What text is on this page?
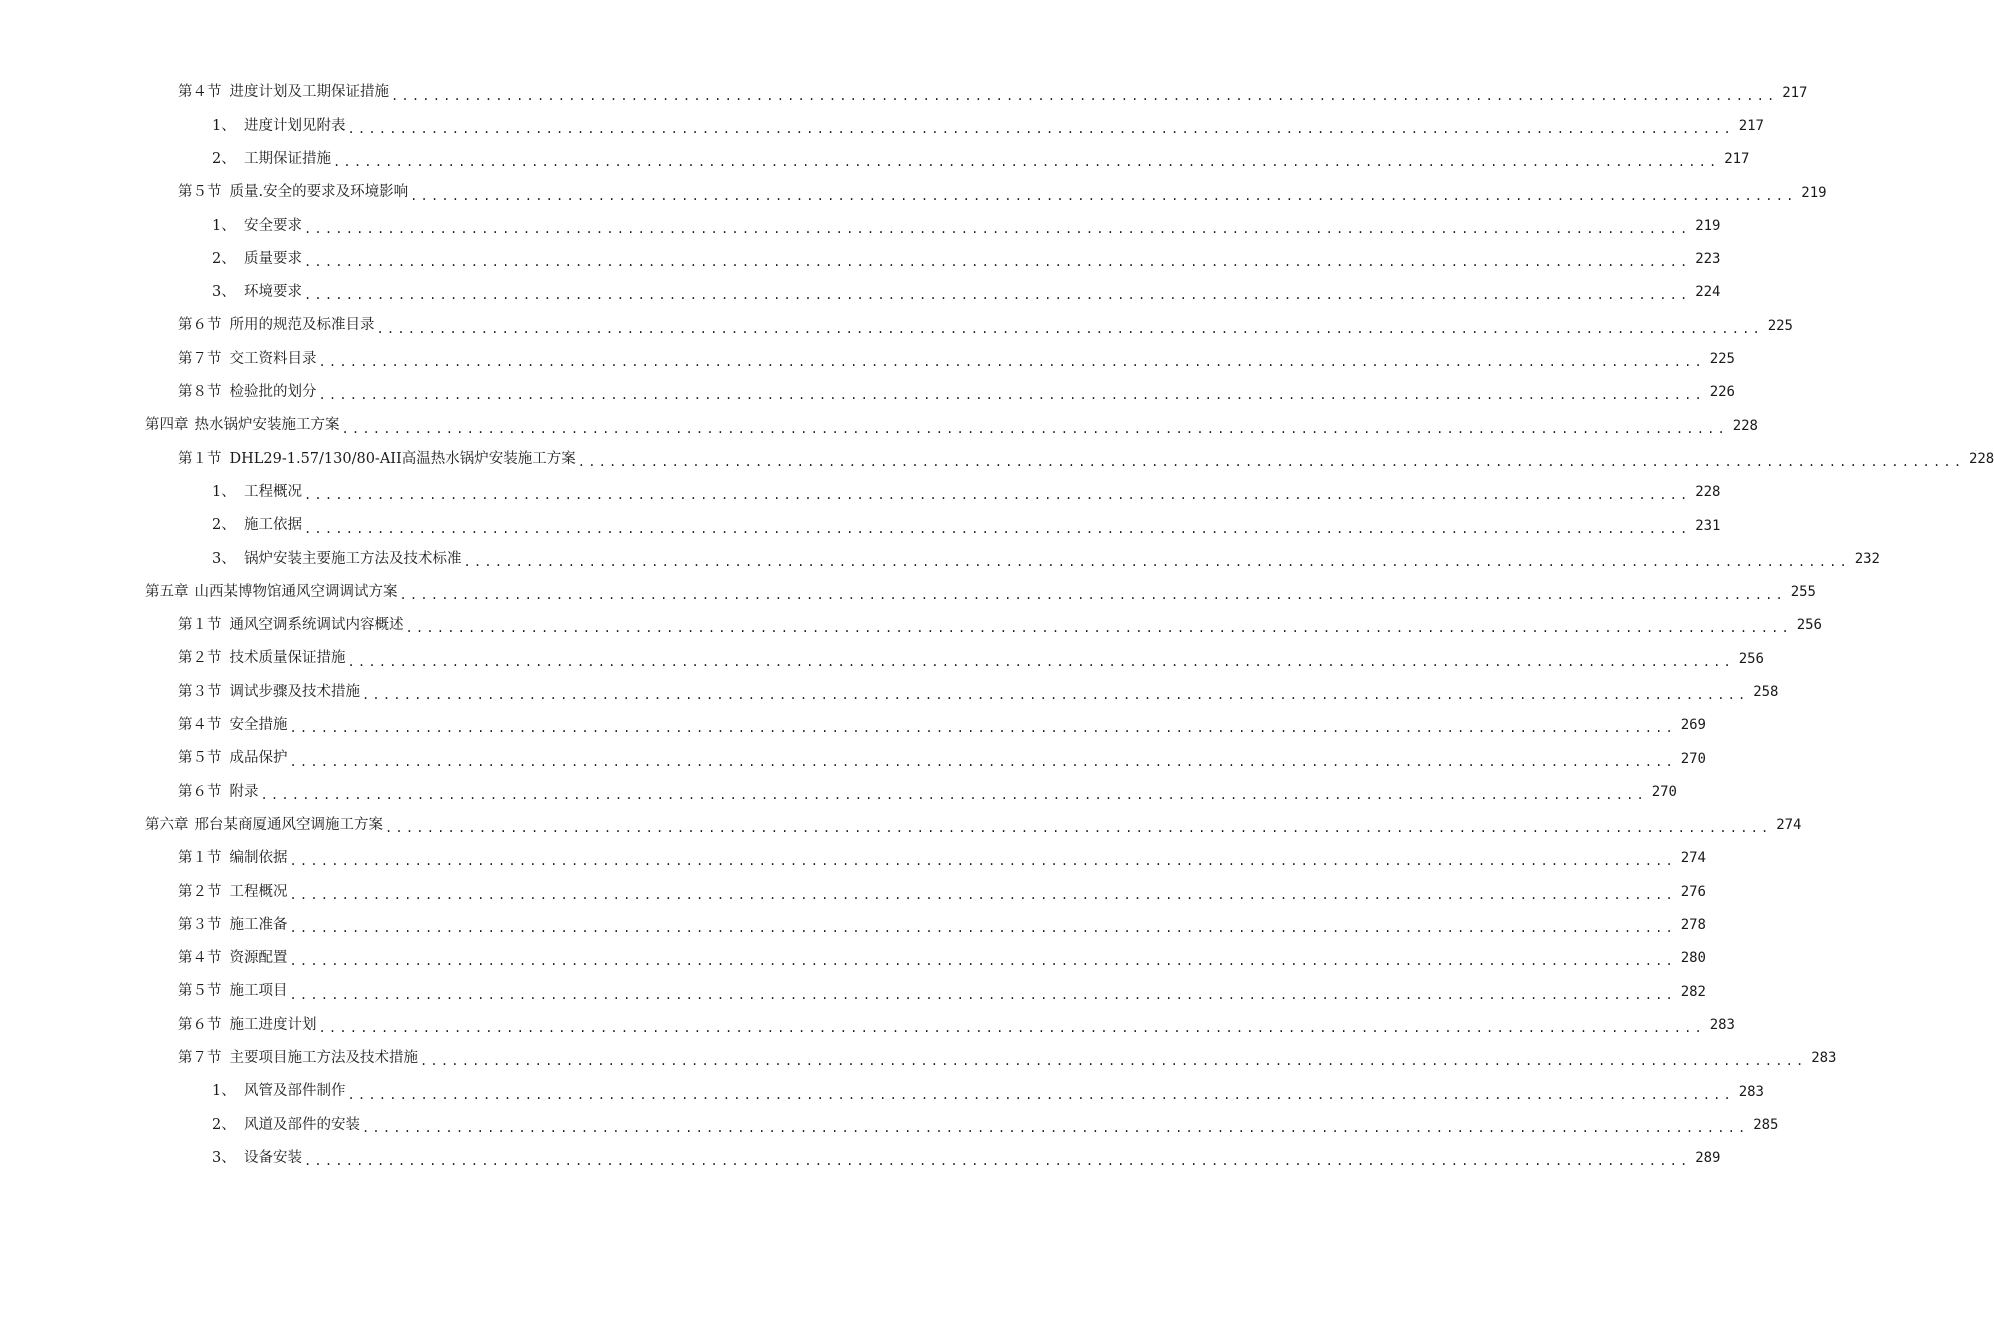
第４节 进度计划及工期保证措施 ..................................................................................................................................... 217
1、 进度计划见附表 ..................................................................................................................................... 217
2、 工期保证措施 ..................................................................................................................................... 217
第５节 质量.安全的要求及环境影响 ..................................................................................................................................... 219
1、 安全要求 ..................................................................................................................................... 219
2、 质量要求 ..................................................................................................................................... 223
3、 环境要求 ..................................................................................................................................... 224
第６节 所用的规范及标准目录 ..................................................................................................................................... 225
第７节 交工资料目录 ..................................................................................................................................... 225
第８节 检验批的划分 ..................................................................................................................................... 226
第四章 热水锅炉安装施工方案 ..................................................................................................................................... 228
第１节 DHL29-1.57/130/80-AII高温热水锅炉安装施工方案 ..................................................................................................................................... 228
1、 工程概况 ..................................................................................................................................... 228
2、 施工依据 ..................................................................................................................................... 231
3、 锅炉安装主要施工方法及技术标准 ..................................................................................................................................... 232
第五章 山西某博物馆通风空调调试方案 ..................................................................................................................................... 255
第１节 通风空调系统调试内容概述 ..................................................................................................................................... 256
第２节 技术质量保证措施 ..................................................................................................................................... 256
第３节 调试步骤及技术措施 ..................................................................................................................................... 258
第４节 安全措施 ..................................................................................................................................... 269
第５节 成品保护 ..................................................................................................................................... 270
第６节 附录 ..................................................................................................................................... 270
第六章 邢台某商厦通风空调施工方案 ..................................................................................................................................... 274
第１节 编制依据 ..................................................................................................................................... 274
第２节 工程概况 ..................................................................................................................................... 276
第３节 施工准备 ..................................................................................................................................... 278
第４节 资源配置 ..................................................................................................................................... 280
第５节 施工项目 ..................................................................................................................................... 282
第６节 施工进度计划 ..................................................................................................................................... 283
第７节 主要项目施工方法及技术措施 ..................................................................................................................................... 283
1、 风管及部件制作 ..................................................................................................................................... 283
2、 风道及部件的安装 ..................................................................................................................................... 285
3、 设备安装 ..................................................................................................................................... 289
